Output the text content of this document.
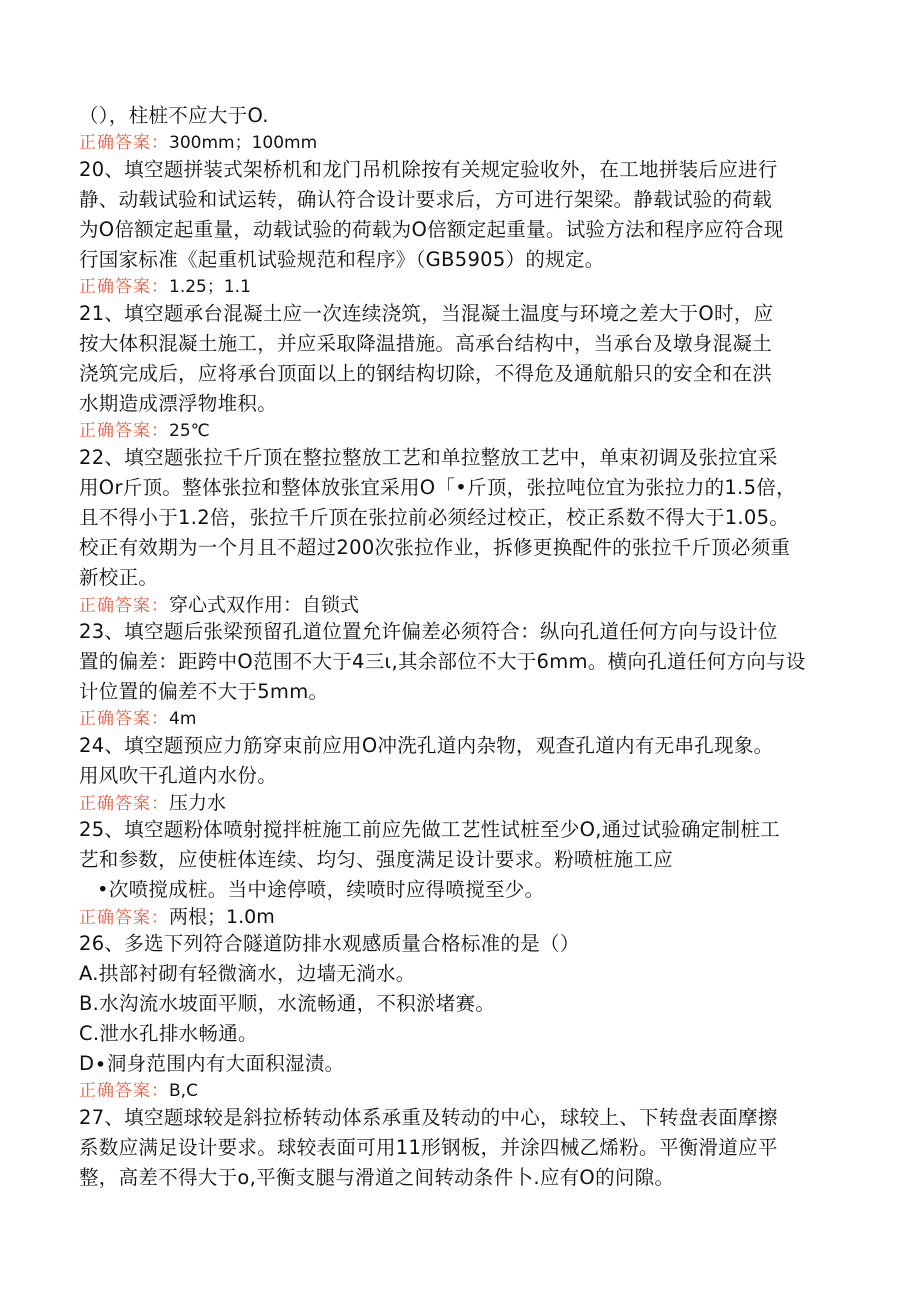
（），柱桩不应大于O.
正确答案：300mm；100mm
20、填空题拼装式架桥机和龙门吊机除按有关规定验收外，在工地拼装后应进行
静、动载试验和试运转，确认符合设计要求后，方可进行架梁。静载试验的荷载
为O倍额定起重量，动载试验的荷载为O倍额定起重量。试验方法和程序应符合现
行国家标准《起重机试验规范和程序》（GB5905）的规定。
正确答案：1.25；1.1
21、填空题承台混凝土应一次连续浇筑，当混凝土温度与环境之差大于O时，应
按大体积混凝土施工，并应采取降温措施。高承台结构中，当承台及墩身混凝土
浇筑完成后，应将承台顶面以上的钢结构切除，不得危及通航船只的安全和在洪
水期造成漂浮物堆积。
正确答案：25℃
22、填空题张拉千斤顶在整拉整放工艺和单拉整放工艺中，单束初调及张拉宜采
用Or斤顶。整体张拉和整体放张宜采用O「•斤顶，张拉吨位宜为张拉力的1.5倍，
且不得小于1.2倍，张拉千斤顶在张拉前必须经过校正，校正系数不得大于1.05。
校正有效期为一个月且不超过200次张拉作业，拆修更换配件的张拉千斤顶必须重
新校正。
正确答案：穿心式双作用：自锁式
23、填空题后张梁预留孔道位置允许偏差必须符合：纵向孔道任何方向与设计位
置的偏差：距跨中O范围不大于4三ι,其余部位不大于6mm。横向孔道任何方向与设
计位置的偏差不大于5mm。
正确答案：4m
24、填空题预应力筋穿束前应用O冲洗孔道内杂物，观查孔道内有无串孔现象。
用风吹干孔道内水份。
正确答案：压力水
25、填空题粉体喷射搅拌桩施工前应先做工艺性试桩至少O,通过试验确定制桩工
艺和参数，应使桩体连续、均匀、强度满足设计要求。粉喷桩施工应
•次喷搅成桩。当中途停喷，续喷时应得喷搅至少。
正确答案：两根；1.0m
26、多选下列符合隧道防排水观感质量合格标准的是（）
A.拱部衬砌有轻微滴水，边墙无淌水。
B.水沟流水坡面平顺，水流畅通，不积淤堵赛。
C.泄水孔排水畅通。
D∙洞身范围内有大面积湿渍。
正确答案：B,C
27、填空题球较是斜拉桥转动体系承重及转动的中心，球较上、下转盘表面摩擦
系数应满足设计要求。球较表面可用11形钢板，并涂四械乙烯粉。平衡滑道应平
整，高差不得大于o,平衡支腿与滑道之间转动条件卜.应有O的问隙。
